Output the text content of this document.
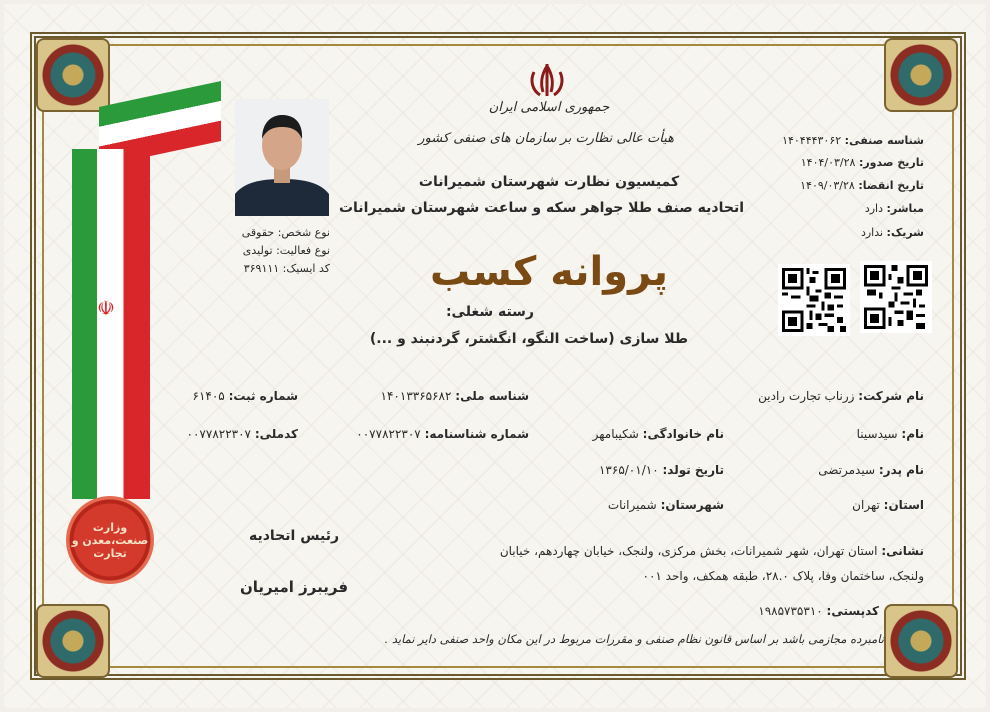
☫
وزارت صنعت،معدن و تجارت
جمهوری اسلامی ایران
هیأت عالی نظارت بر سازمان های صنفی کشور
کمیسیون نظارت شهرستان شمیرانات
اتحادیه صنف طلا جواهر سکه و ساعت شهرستان شمیرانات
پروانه کسب
رسته شغلی:
طلا سازی (ساخت النگو، انگشتر، گردنبند و ...)
نوع شخص: حقوقی
نوع فعالیت: تولیدی
کد ایسیک: ۳۶۹۱۱۱
شناسه صنفی: ۱۴۰۴۴۴۳۰۶۲
تاریخ صدور: ۱۴۰۴/۰۳/۲۸
تاریخ انقضا: ۱۴۰۹/۰۳/۲۸
مباشر: دارد
شریک: ندارد
نام شرکت: زرناب تجارت رادین
شناسه ملی: ۱۴۰۱۳۳۶۵۶۸۲
شماره ثبت: ۶۱۴۰۵
نام: سیدسینا
نام خانوادگی: شکیبامهر
شماره شناسنامه: ۰۰۷۷۸۲۲۳۰۷
کدملی: ۰۰۷۷۸۲۲۳۰۷
نام پدر: سیدمرتضی
تاریخ تولد: ۱۳۶۵/۰۱/۱۰
استان: تهران
شهرستان: شمیرانات
نشانی: استان تهران، شهر شمیرانات، بخش مرکزی، ولنجک، خیابان چهاردهم، خیابان
ولنجک، ساختمان وفا، پلاک ۲۸.۰، طبقه همکف، واحد ۰۰۱
کدپستی: ۱۹۸۵۷۳۵۳۱۰
رئیس اتحادیه
فریبرز امیریان
نامبرده مجازمی باشد بر اساس قانون نظام صنفی و مقررات مربوط در این مکان واحد صنفی دایر نماید .
